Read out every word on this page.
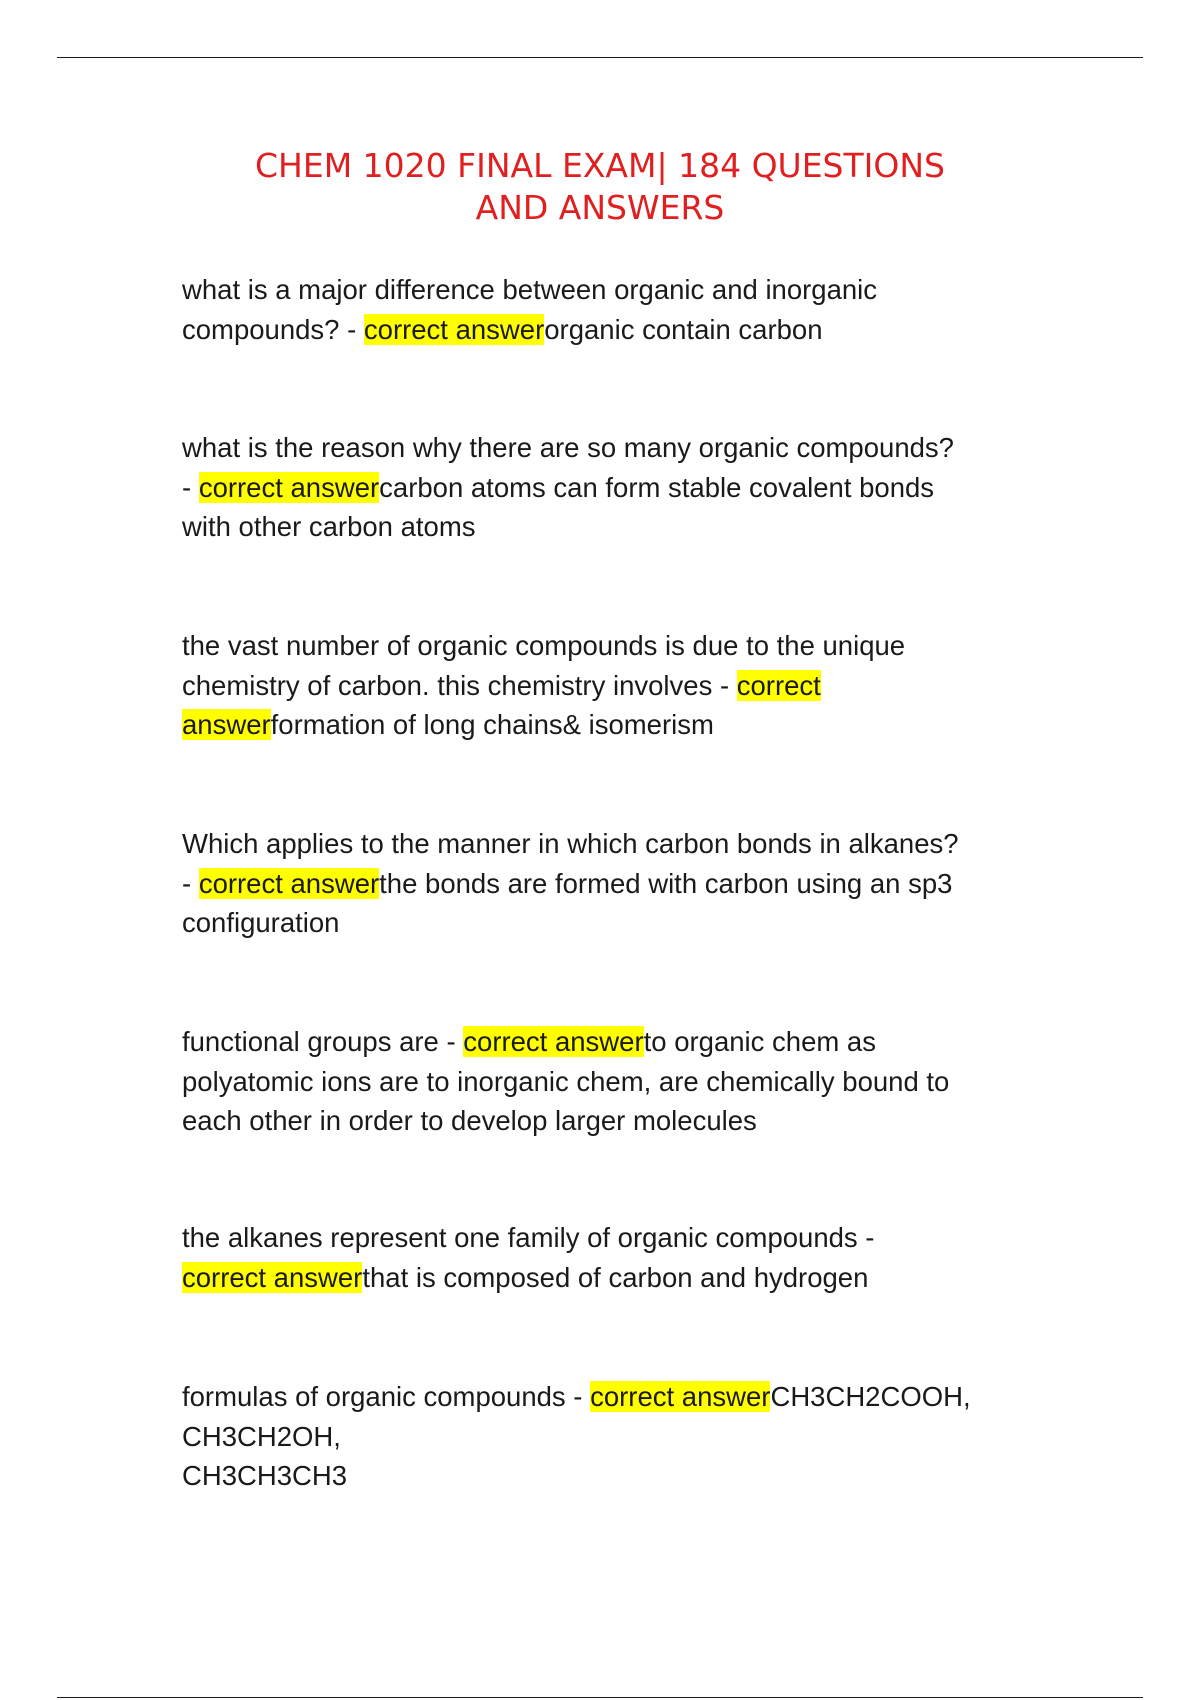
CHEM 1020 FINAL EXAM| 184 QUESTIONS
AND ANSWERS
what is a major difference between organic and inorganic
compounds? - correct answerorganic contain carbon
what is the reason why there are so many organic compounds?
- correct answercarbon atoms can form stable covalent bonds
with other carbon atoms
the vast number of organic compounds is due to the unique
chemistry of carbon. this chemistry involves - correct
answerformation of long chains& isomerism
Which applies to the manner in which carbon bonds in alkanes?
- correct answerthe bonds are formed with carbon using an sp3
configuration
functional groups are - correct answerto organic chem as
polyatomic ions are to inorganic chem, are chemically bound to
each other in order to develop larger molecules
the alkanes represent one family of organic compounds -
correct answerthat is composed of carbon and hydrogen
formulas of organic compounds - correct answerCH3CH2COOH,
CH3CH2OH,
CH3CH3CH3
